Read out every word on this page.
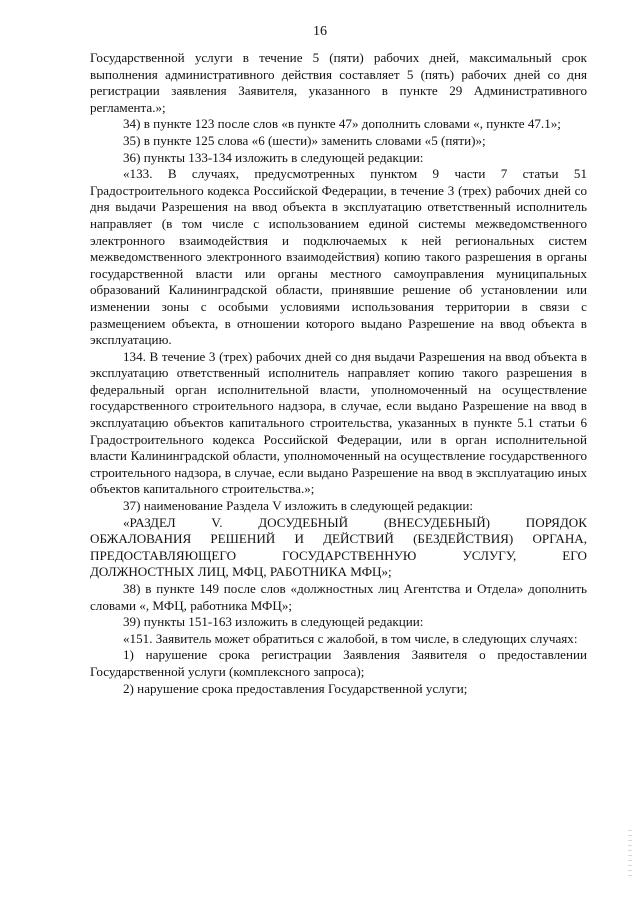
16

Государственной услуги в течение 5 (пяти) рабочих дней, максимальный срок выполнения административного действия составляет 5 (пять) рабочих дней со дня регистрации заявления Заявителя, указанного в пункте 29 Административного регламента.»;

34) в пункте 123 после слов «в пункте 47» дополнить словами «, пункте 47.1»;

35) в пункте 125 слова «6 (шести)» заменить словами «5 (пяти)»;

36) пункты 133-134 изложить в следующей редакции:

«133. В случаях, предусмотренных пунктом 9 части 7 статьи 51 Градостроительного кодекса Российской Федерации, в течение 3 (трех) рабочих дней со дня выдачи Разрешения на ввод объекта в эксплуатацию ответственный исполнитель направляет (в том числе с использованием единой системы межведомственного электронного взаимодействия и подключаемых к ней региональных систем межведомственного электронного взаимодействия) копию такого разрешения в органы государственной власти или органы местного самоуправления муниципальных образований Калининградской области, принявшие решение об установлении или изменении зоны с особыми условиями использования территории в связи с размещением объекта, в отношении которого выдано Разрешение на ввод объекта в эксплуатацию.

134. В течение 3 (трех) рабочих дней со дня выдачи Разрешения на ввод объекта в эксплуатацию ответственный исполнитель направляет копию такого разрешения в федеральный орган исполнительной власти, уполномоченный на осуществление государственного строительного надзора, в случае, если выдано Разрешение на ввод в эксплуатацию объектов капитального строительства, указанных в пункте 5.1 статьи 6 Градостроительного кодекса Российской Федерации, или в орган исполнительной власти Калининградской области, уполномоченный на осуществление государственного строительного надзора, в случае, если выдано Разрешение на ввод в эксплуатацию иных объектов капитального строительства.»;

37) наименование Раздела V изложить в следующей редакции:

«РАЗДЕЛ V. ДОСУДЕБНЫЙ (ВНЕСУДЕБНЫЙ) ПОРЯДОК

ОБЖАЛОВАНИЯ РЕШЕНИЙ И ДЕЙСТВИЙ (БЕЗДЕЙСТВИЯ) ОРГАНА,

ПРЕДОСТАВЛЯЮЩЕГО ГОСУДАРСТВЕННУЮ УСЛУГУ, ЕГО

ДОЛЖНОСТНЫХ ЛИЦ, МФЦ, РАБОТНИКА МФЦ»;

38) в пункте 149 после слов «должностных лиц Агентства и Отдела» дополнить словами «, МФЦ, работника МФЦ»;

39) пункты 151-163 изложить в следующей редакции:

«151. Заявитель может обратиться с жалобой, в том числе, в следующих случаях:

1) нарушение срока регистрации Заявления Заявителя о предоставлении Государственной услуги (комплексного запроса);

2) нарушение срока предоставления Государственной услуги;
